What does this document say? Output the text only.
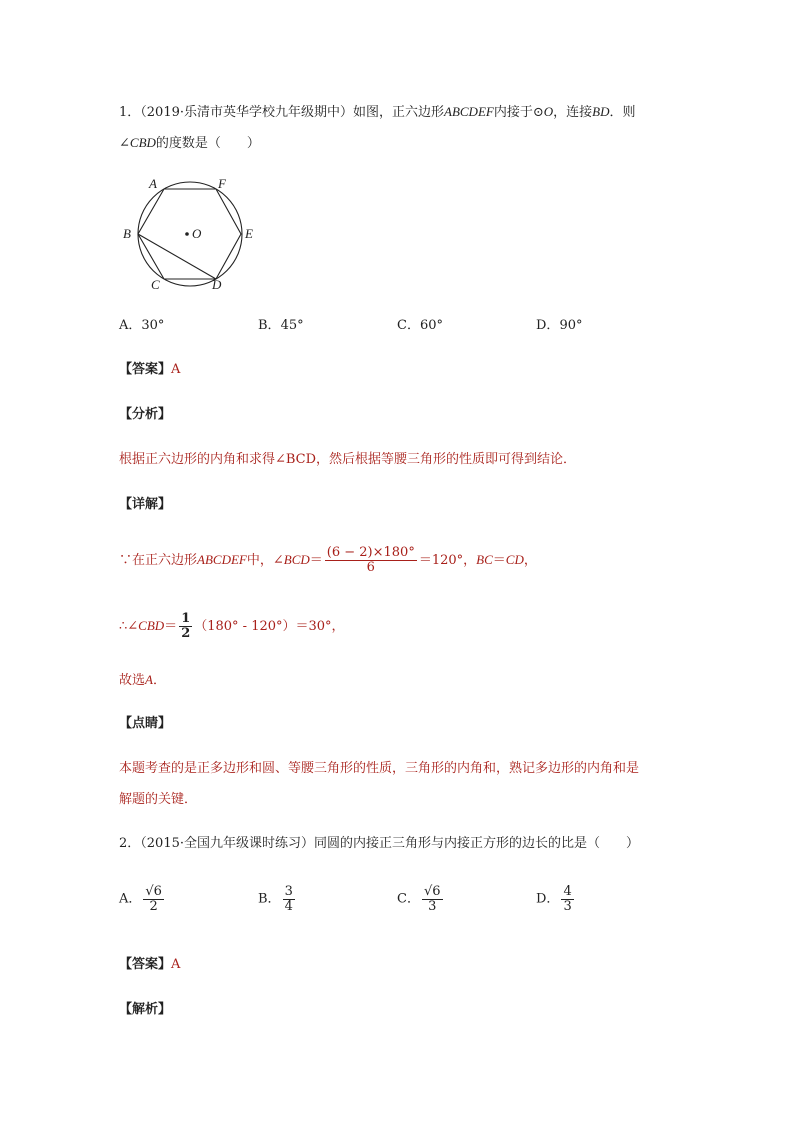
1．（2019·乐清市英华学校九年级期中）如图，正六边形ABCDEF内接于⊙O，连接BD．则
∠CBD的度数是（　　）
A	F
B	O	E
C	D
A．30°	B．45°	C．60°	D．90°
【答案】A
【分析】
根据正六边形的内角和求得∠BCD，然后根据等腰三角形的性质即可得到结论．
【详解】
∵在正六边形ABCDEF中，∠BCD＝ $\frac{(6 - 2)\times 180^\circ}{6} =120^\circ$，BC＝CD，
∴∠CBD＝ $\frac{1}{2} (180^\circ - 120^\circ)=30^\circ$，
故选A．
【点睛】
本题考查的是正多边形和圆、等腰三角形的性质，三角形的内角和，熟记多边形的内角和是
解题的关键．
2．（2015·全国九年级课时练习）同圆的内接正三角形与内接正方形的边长的比是（　　）
A． $\frac{√6}{2}$	B． $\frac{3}{4}$	C． $\frac{√6}{3}$	D． $\frac{4}{3}$
【答案】A
【解析】
